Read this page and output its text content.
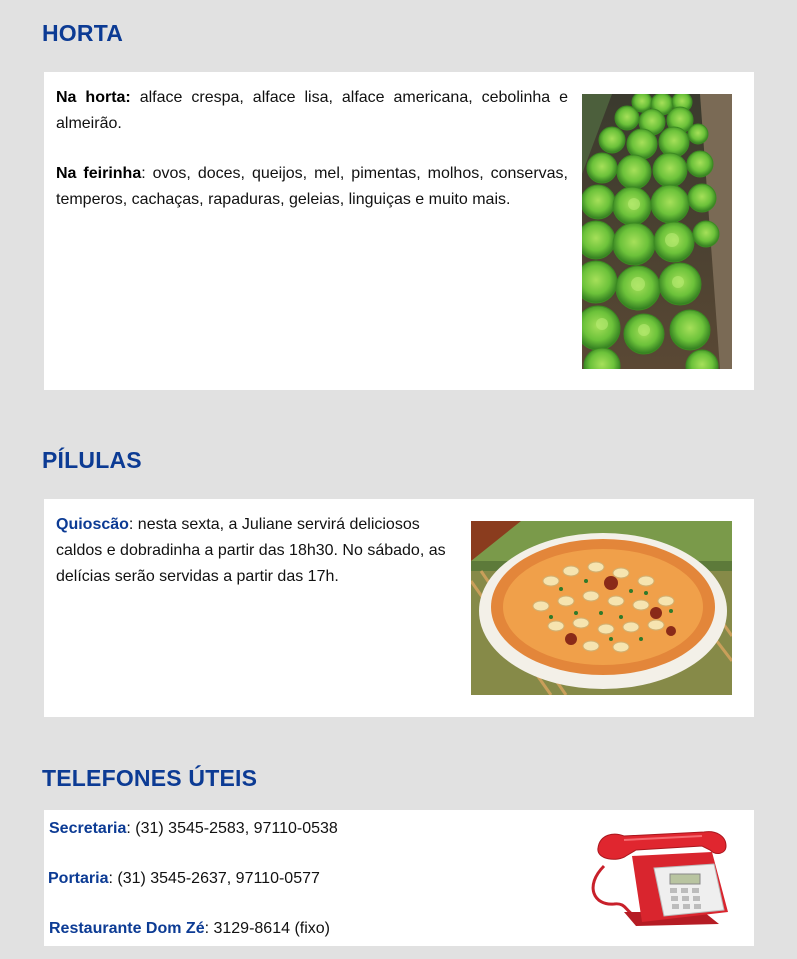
HORTA

Na horta: alface crespa, alface lisa, alface americana, cebolinha e almeirão.

Na feirinha: ovos, doces, queijos, mel, pimentas, molhos, conservas, temperos, cachaças, rapaduras, geleias, linguiças e muito mais.

PÍLULAS

Quioscão: nesta sexta, a Juliane servirá deliciosos caldos e dobradinha a partir das 18h30. No sábado, as delícias serão servidas a partir das 17h.

TELEFONES ÚTEIS
Secretaria: (31) 3545-2583, 97110-0538
Portaria: (31) 3545-2637, 97110-0577
Restaurante Dom Zé: 3129-8614 (fixo)
